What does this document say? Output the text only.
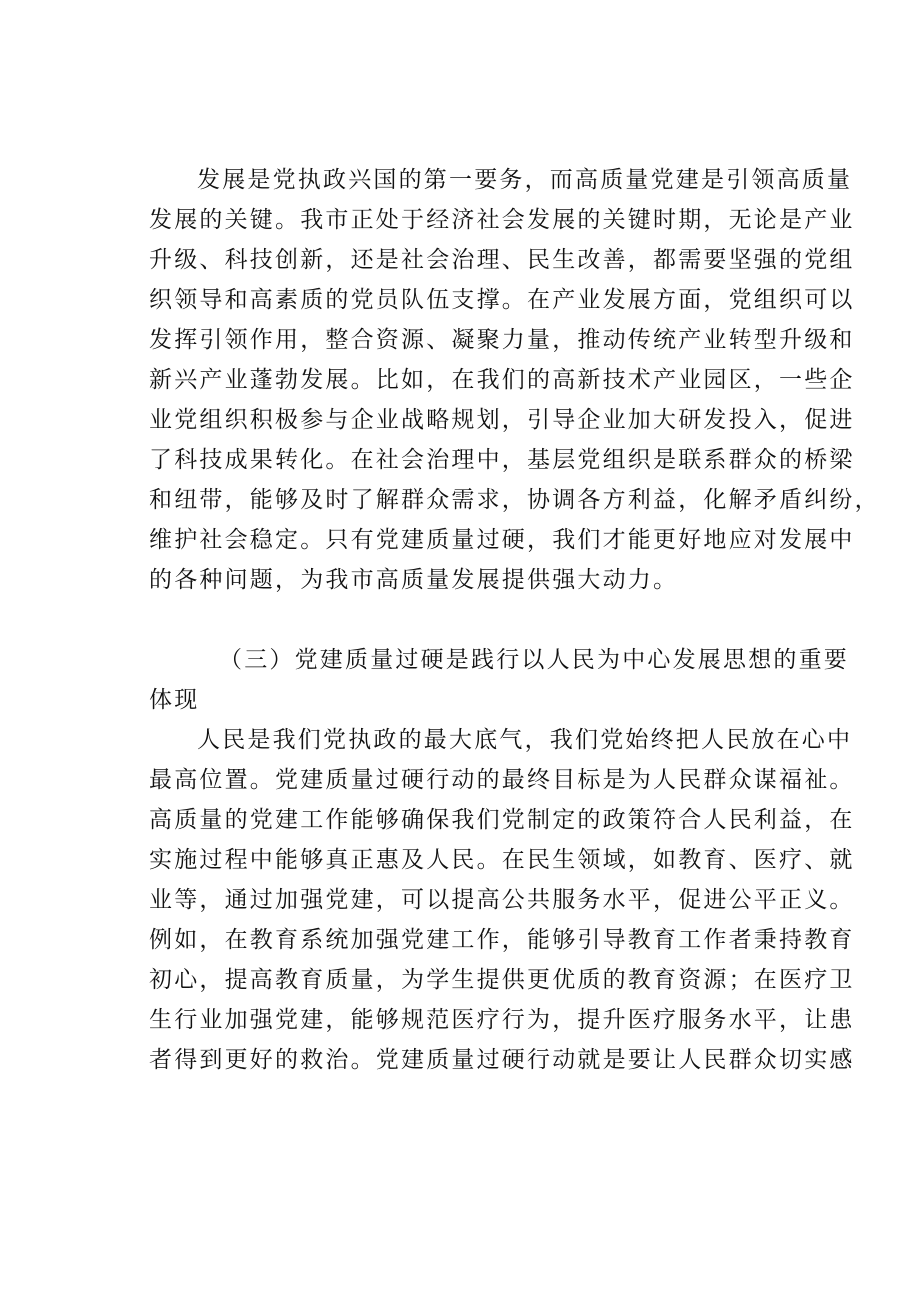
发展是党执政兴国的第一要务，而高质量党建是引领高质量
发展的关键。我市正处于经济社会发展的关键时期，无论是产业
升级、科技创新，还是社会治理、民生改善，都需要坚强的党组
织领导和高素质的党员队伍支撑。在产业发展方面，党组织可以
发挥引领作用，整合资源、凝聚力量，推动传统产业转型升级和
新兴产业蓬勃发展。比如，在我们的高新技术产业园区，一些企
业党组织积极参与企业战略规划，引导企业加大研发投入，促进
了科技成果转化。在社会治理中，基层党组织是联系群众的桥梁
和纽带，能够及时了解群众需求，协调各方利益，化解矛盾纠纷，
维护社会稳定。只有党建质量过硬，我们才能更好地应对发展中
的各种问题，为我市高质量发展提供强大动力。
（三）党建质量过硬是践行以人民为中心发展思想的重要
体现
人民是我们党执政的最大底气，我们党始终把人民放在心中
最高位置。党建质量过硬行动的最终目标是为人民群众谋福祉。
高质量的党建工作能够确保我们党制定的政策符合人民利益，在
实施过程中能够真正惠及人民。在民生领域，如教育、医疗、就
业等，通过加强党建，可以提高公共服务水平，促进公平正义。
例如，在教育系统加强党建工作，能够引导教育工作者秉持教育
初心，提高教育质量，为学生提供更优质的教育资源；在医疗卫
生行业加强党建，能够规范医疗行为，提升医疗服务水平，让患
者得到更好的救治。党建质量过硬行动就是要让人民群众切实感
